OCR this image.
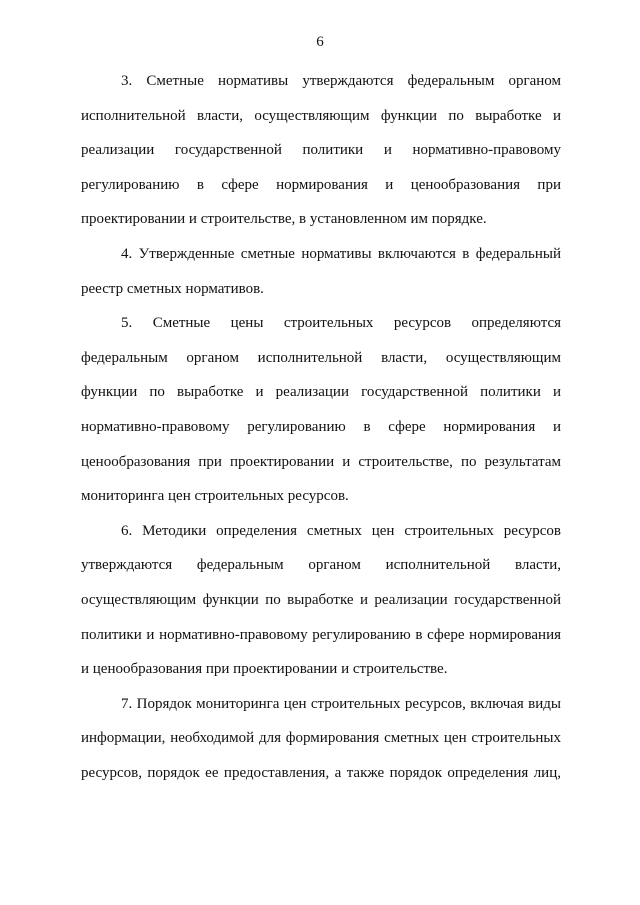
6

3. Сметные нормативы утверждаются федеральным органом исполнительной власти, осуществляющим функции по выработке и реализации государственной политики и нормативно-правовому регулированию в сфере нормирования и ценообразования при проектировании и строительстве, в установленном им порядке.

4. Утвержденные сметные нормативы включаются в федеральный реестр сметных нормативов.

5. Сметные цены строительных ресурсов определяются федеральным органом исполнительной власти, осуществляющим функции по выработке и реализации государственной политики и нормативно-правовому регулированию в сфере нормирования и ценообразования при проектировании и строительстве, по результатам мониторинга цен строительных ресурсов.

6. Методики определения сметных цен строительных ресурсов утверждаются федеральным органом исполнительной власти, осуществляющим функции по выработке и реализации государственной политики и нормативно-правовому регулированию в сфере нормирования и ценообразования при проектировании и строительстве.

7. Порядок мониторинга цен строительных ресурсов, включая виды информации, необходимой для формирования сметных цен строительных ресурсов, порядок ее предоставления, а также порядок определения лиц,
